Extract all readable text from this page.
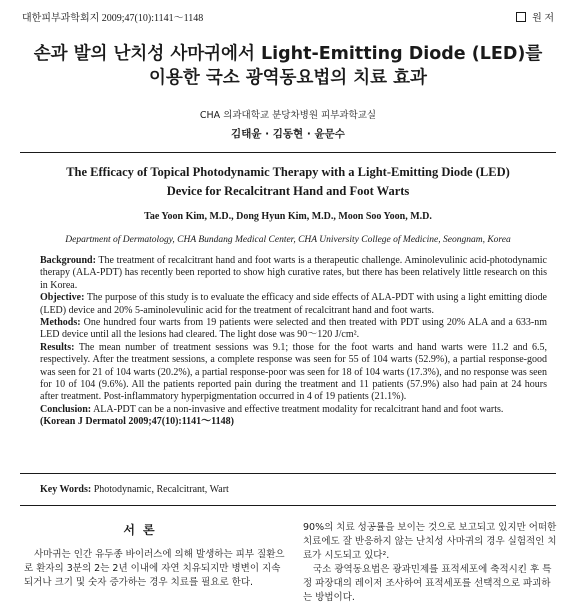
대한피부과학회지 2009;47(10):1141～1148	원 저
손과 발의 난치성 사마귀에서 Light-Emitting Diode (LED)를
이용한 국소 광역동요법의 치료 효과
CHA 의과대학교 분당차병원 피부과학교실
김태윤 · 김동현 · 윤문수
The Efficacy of Topical Photodynamic Therapy with a Light-Emitting Diode (LED)
Device for Recalcitrant Hand and Foot Warts
Tae Yoon Kim, M.D., Dong Hyun Kim, M.D., Moon Soo Yoon, M.D.
Department of Dermatology, CHA Bundang Medical Center, CHA University College of Medicine, Seongnam, Korea

Background: The treatment of recalcitrant hand and foot warts is a therapeutic challenge. Aminolevulinic acid-photodynamic therapy (ALA-PDT) has recently been reported to show high curative rates, but there has been relatively little research on this in Korea.

Objective: The purpose of this study is to evaluate the efficacy and side effects of ALA-PDT with using a light emitting diode (LED) device and 20% 5-aminolevulinic acid for the treatment of recalcitrant hand and foot warts.

Methods: One hundred four warts from 19 patients were selected and then treated with PDT using 20% ALA and a 633-nm LED device until all the lesions had cleared. The light dose was 90～120 J/cm².

Results: The mean number of treatment sessions was 9.1; those for the foot warts and hand warts were 11.2 and 6.5, respectively. After the treatment sessions, a complete response was seen for 55 of 104 warts (52.9%), a partial response-good was seen for 21 of 104 warts (20.2%), a partial response-poor was seen for 18 of 104 warts (17.3%), and no response was seen for 10 of 104 (9.6%). All the patients reported pain during the treatment and 11 patients (57.9%) also had pain at 24 hours after treatment. Post-inflammatory hyperpigmentation occurred in 4 of 19 patients (21.1%).

Conclusion: ALA-PDT can be a non-invasive and effective treatment modality for recalcitrant hand and foot warts.

(Korean J Dermatol 2009;47(10):1141～1148)

Key Words: Photodynamic, Recalcitrant, Wart
서론
사마귀는 인간 유두종 바이러스에 의해 발생하는 피부 질환으로 환자의 3분의 2는 2년 이내에 자연 치유되지만 병변이 지속되거나 크기 및 숫자 증가하는 경우 치료를 필요로 한다.

90%의 치료 성공률을 보이는 것으로 보고되고 있지만 어떠한 치료에도 잘 반응하지 않는 난치성 사마귀의 경우 실험적인 치료가 시도되고 있다².

국소 광역동요법은 광과민제를 표적세포에 축적시킨 후 특정 파장대의 레이저 조사하여 표적세포를 선택적으로 파괴하는 방법이다.
